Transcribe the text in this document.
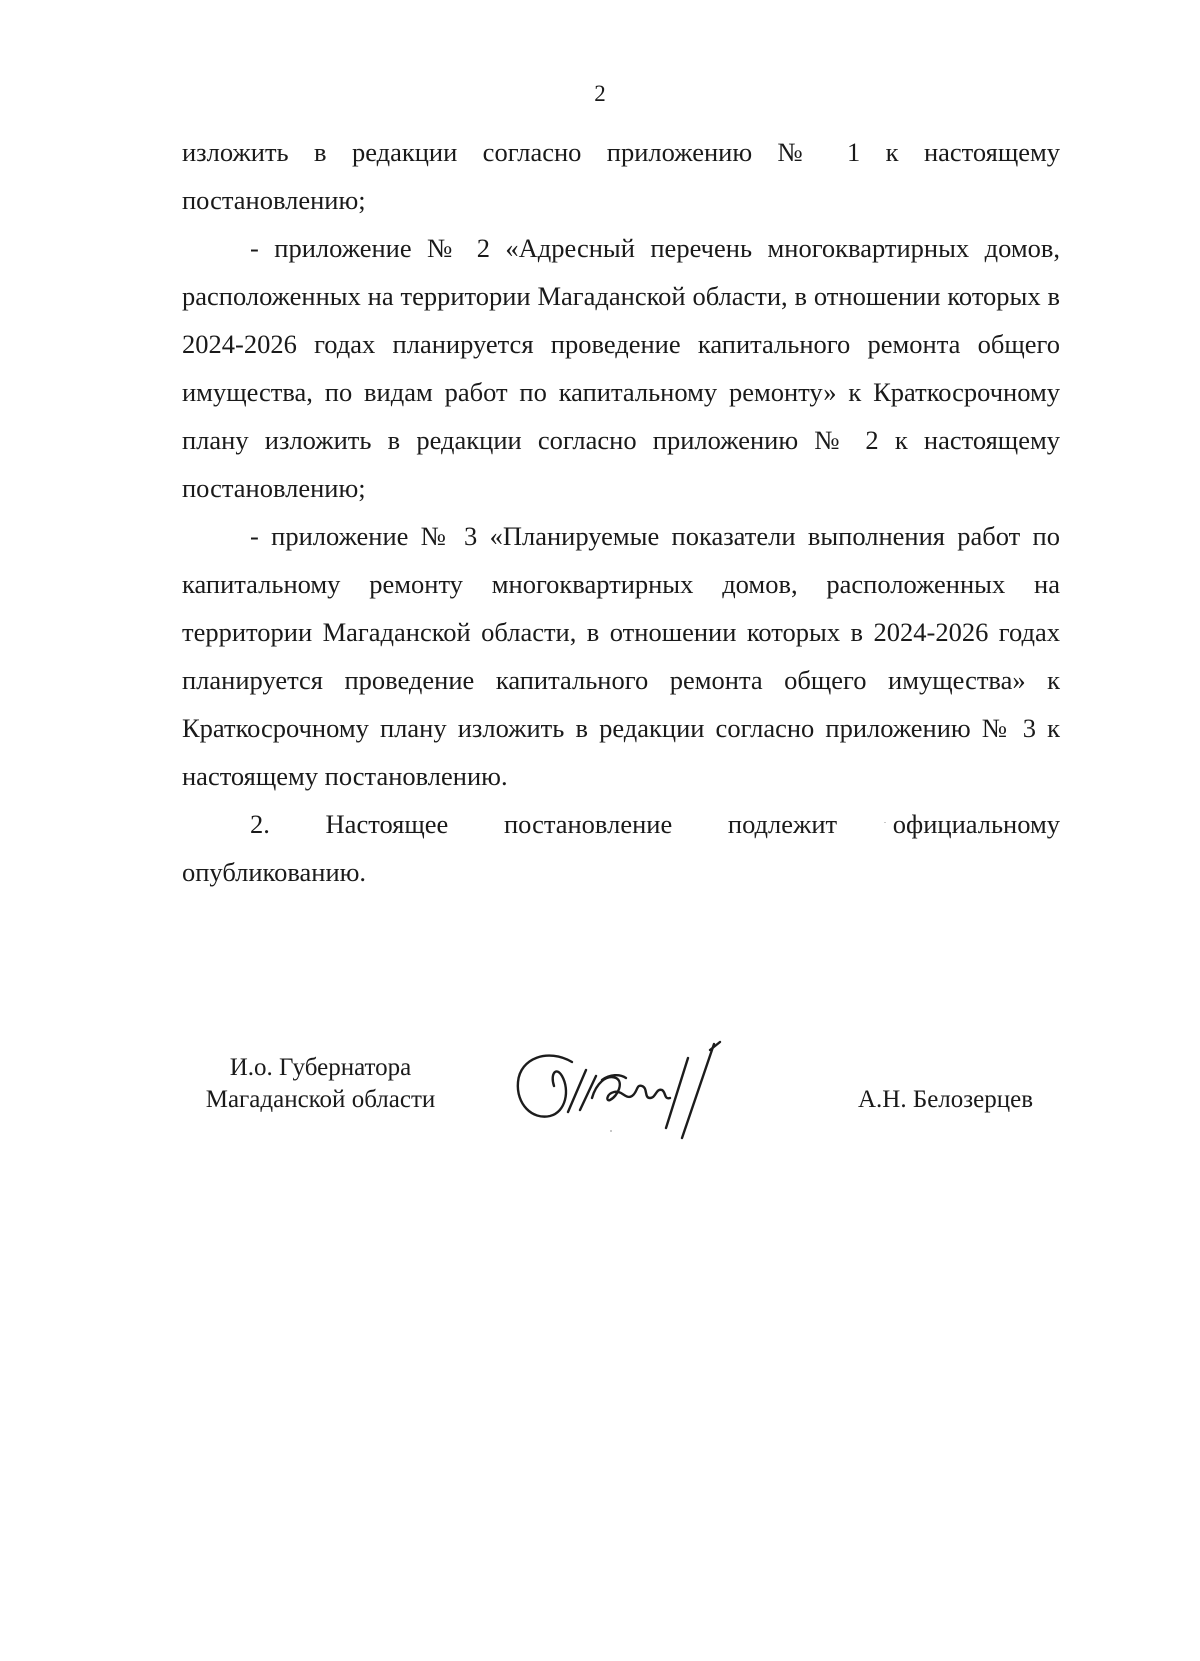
2

изложить в редакции согласно приложению № 1 к настоящему постановлению;

- приложение № 2 «Адресный перечень многоквартирных домов, расположенных на территории Магаданской области, в отношении которых в 2024-2026 годах планируется проведение капитального ремонта общего имущества, по видам работ по капитальному ремонту» к Краткосрочному плану изложить в редакции согласно приложению № 2 к настоящему постановлению;

- приложение № 3 «Планируемые показатели выполнения работ по капитальному ремонту многоквартирных домов, расположенных на территории Магаданской области, в отношении которых в 2024-2026 годах планируется проведение капитального ремонта общего имущества» к Краткосрочному плану изложить в редакции согласно приложению № 3 к настоящему постановлению.

2. Настоящее постановление подлежит официальному

опубликованию.

И.о. Губернатора
Магаданской области	А.Н. Белозерцев
